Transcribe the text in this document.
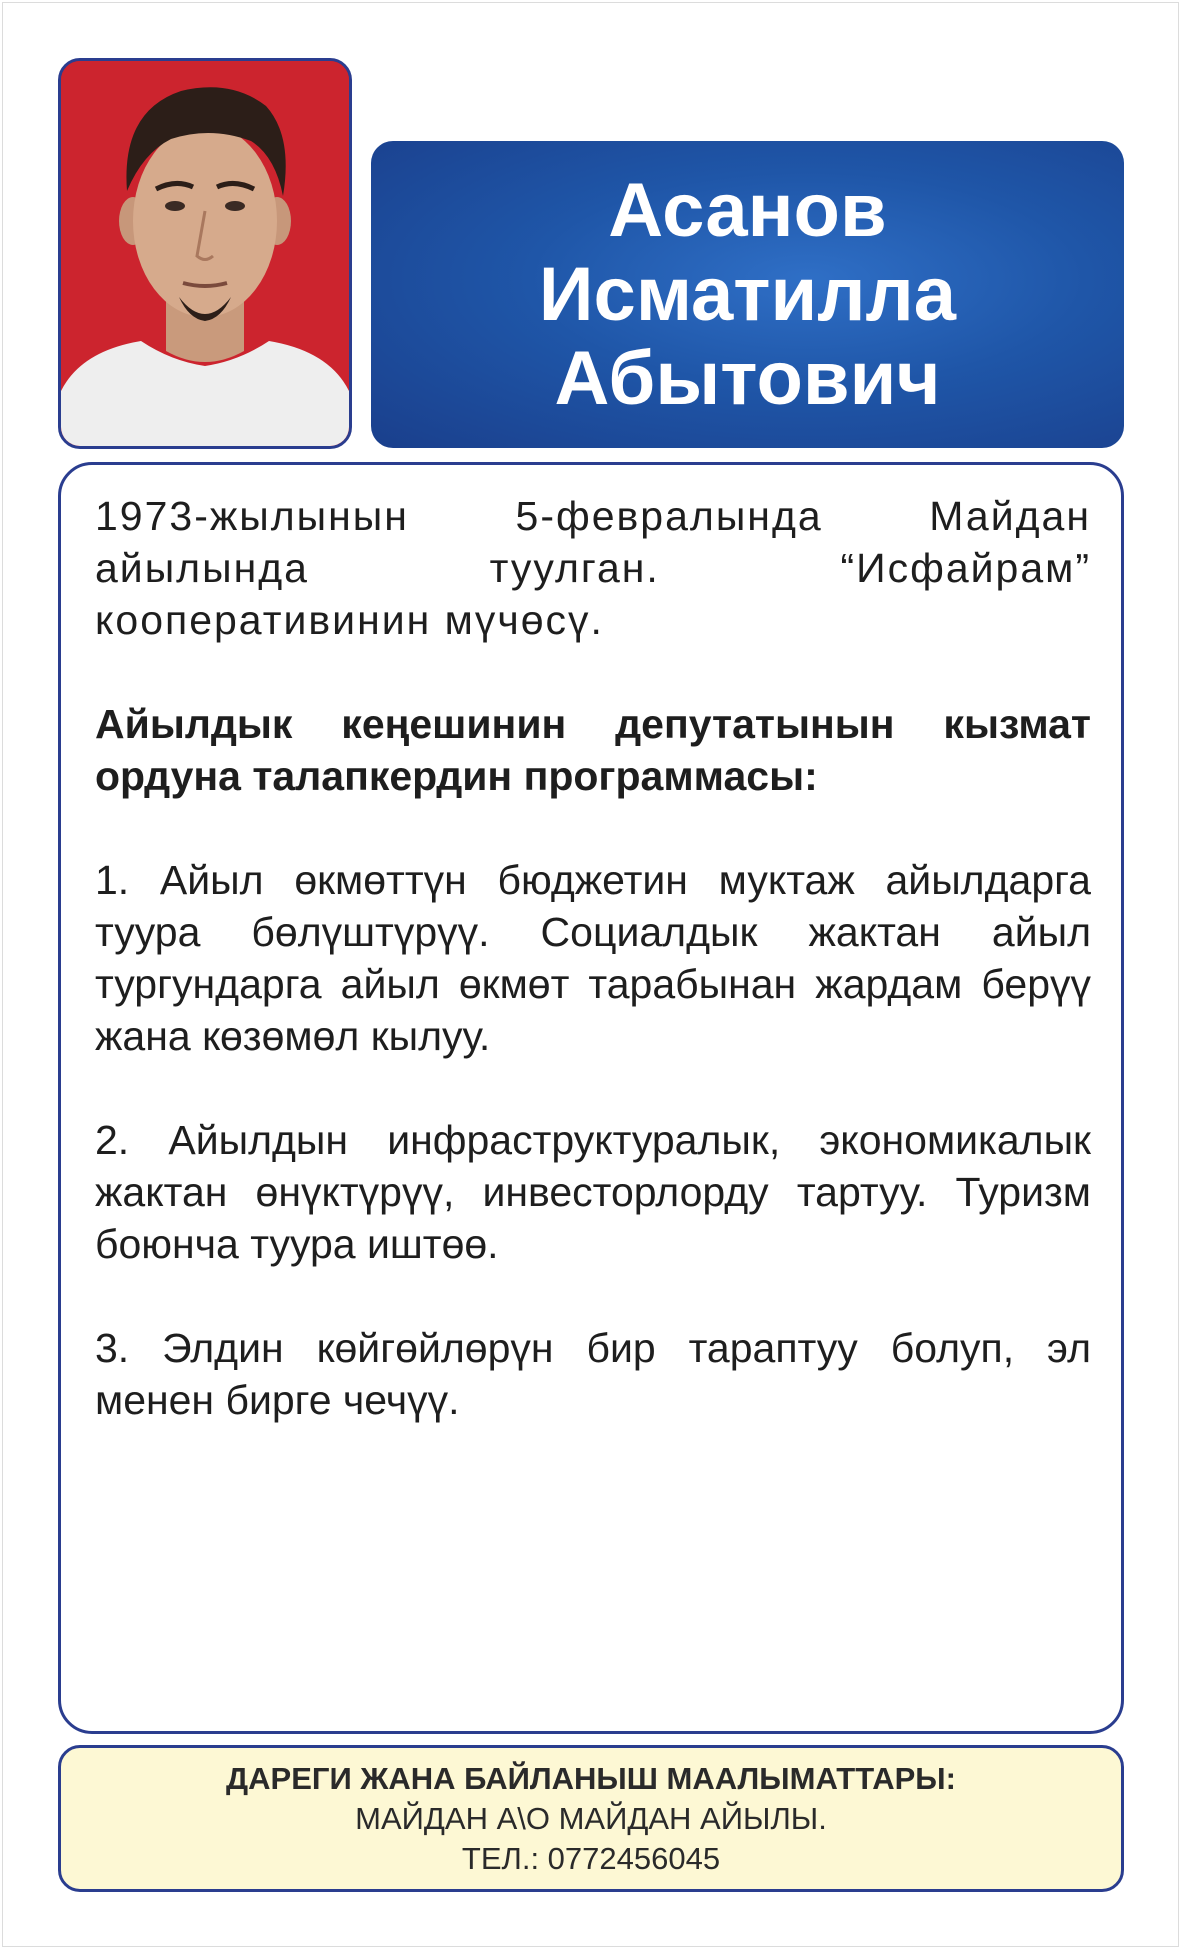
Асанов
Исматилла
Абытович

1973-жылынын 5-февралында Майдан айылында туулган. “Исфайрам” кооперативинин мүчөсү.

Айылдык кеңешинин депутатынын кызмат ордуна талапкердин программасы:

1. Айыл өкмөттүн бюджетин муктаж айылдарга туура бөлүштүрүү. Социалдык жактан айыл тургундарга айыл өкмөт тарабынан жардам берүү жана көзөмөл кылуу.

2. Айылдын инфраструктуралык, экономикалык жактан өнүктүрүү, инвесторлорду тартуу. Туризм боюнча туура иштөө.

3. Элдин көйгөйлөрүн бир тараптуу болуп, эл менен бирге чечүү.

ДАРЕГИ ЖАНА БАЙЛАНЫШ МААЛЫМАТТАРЫ:
МАЙДАН А\О МАЙДАН АЙЫЛЫ.
ТЕЛ.: 0772456045
